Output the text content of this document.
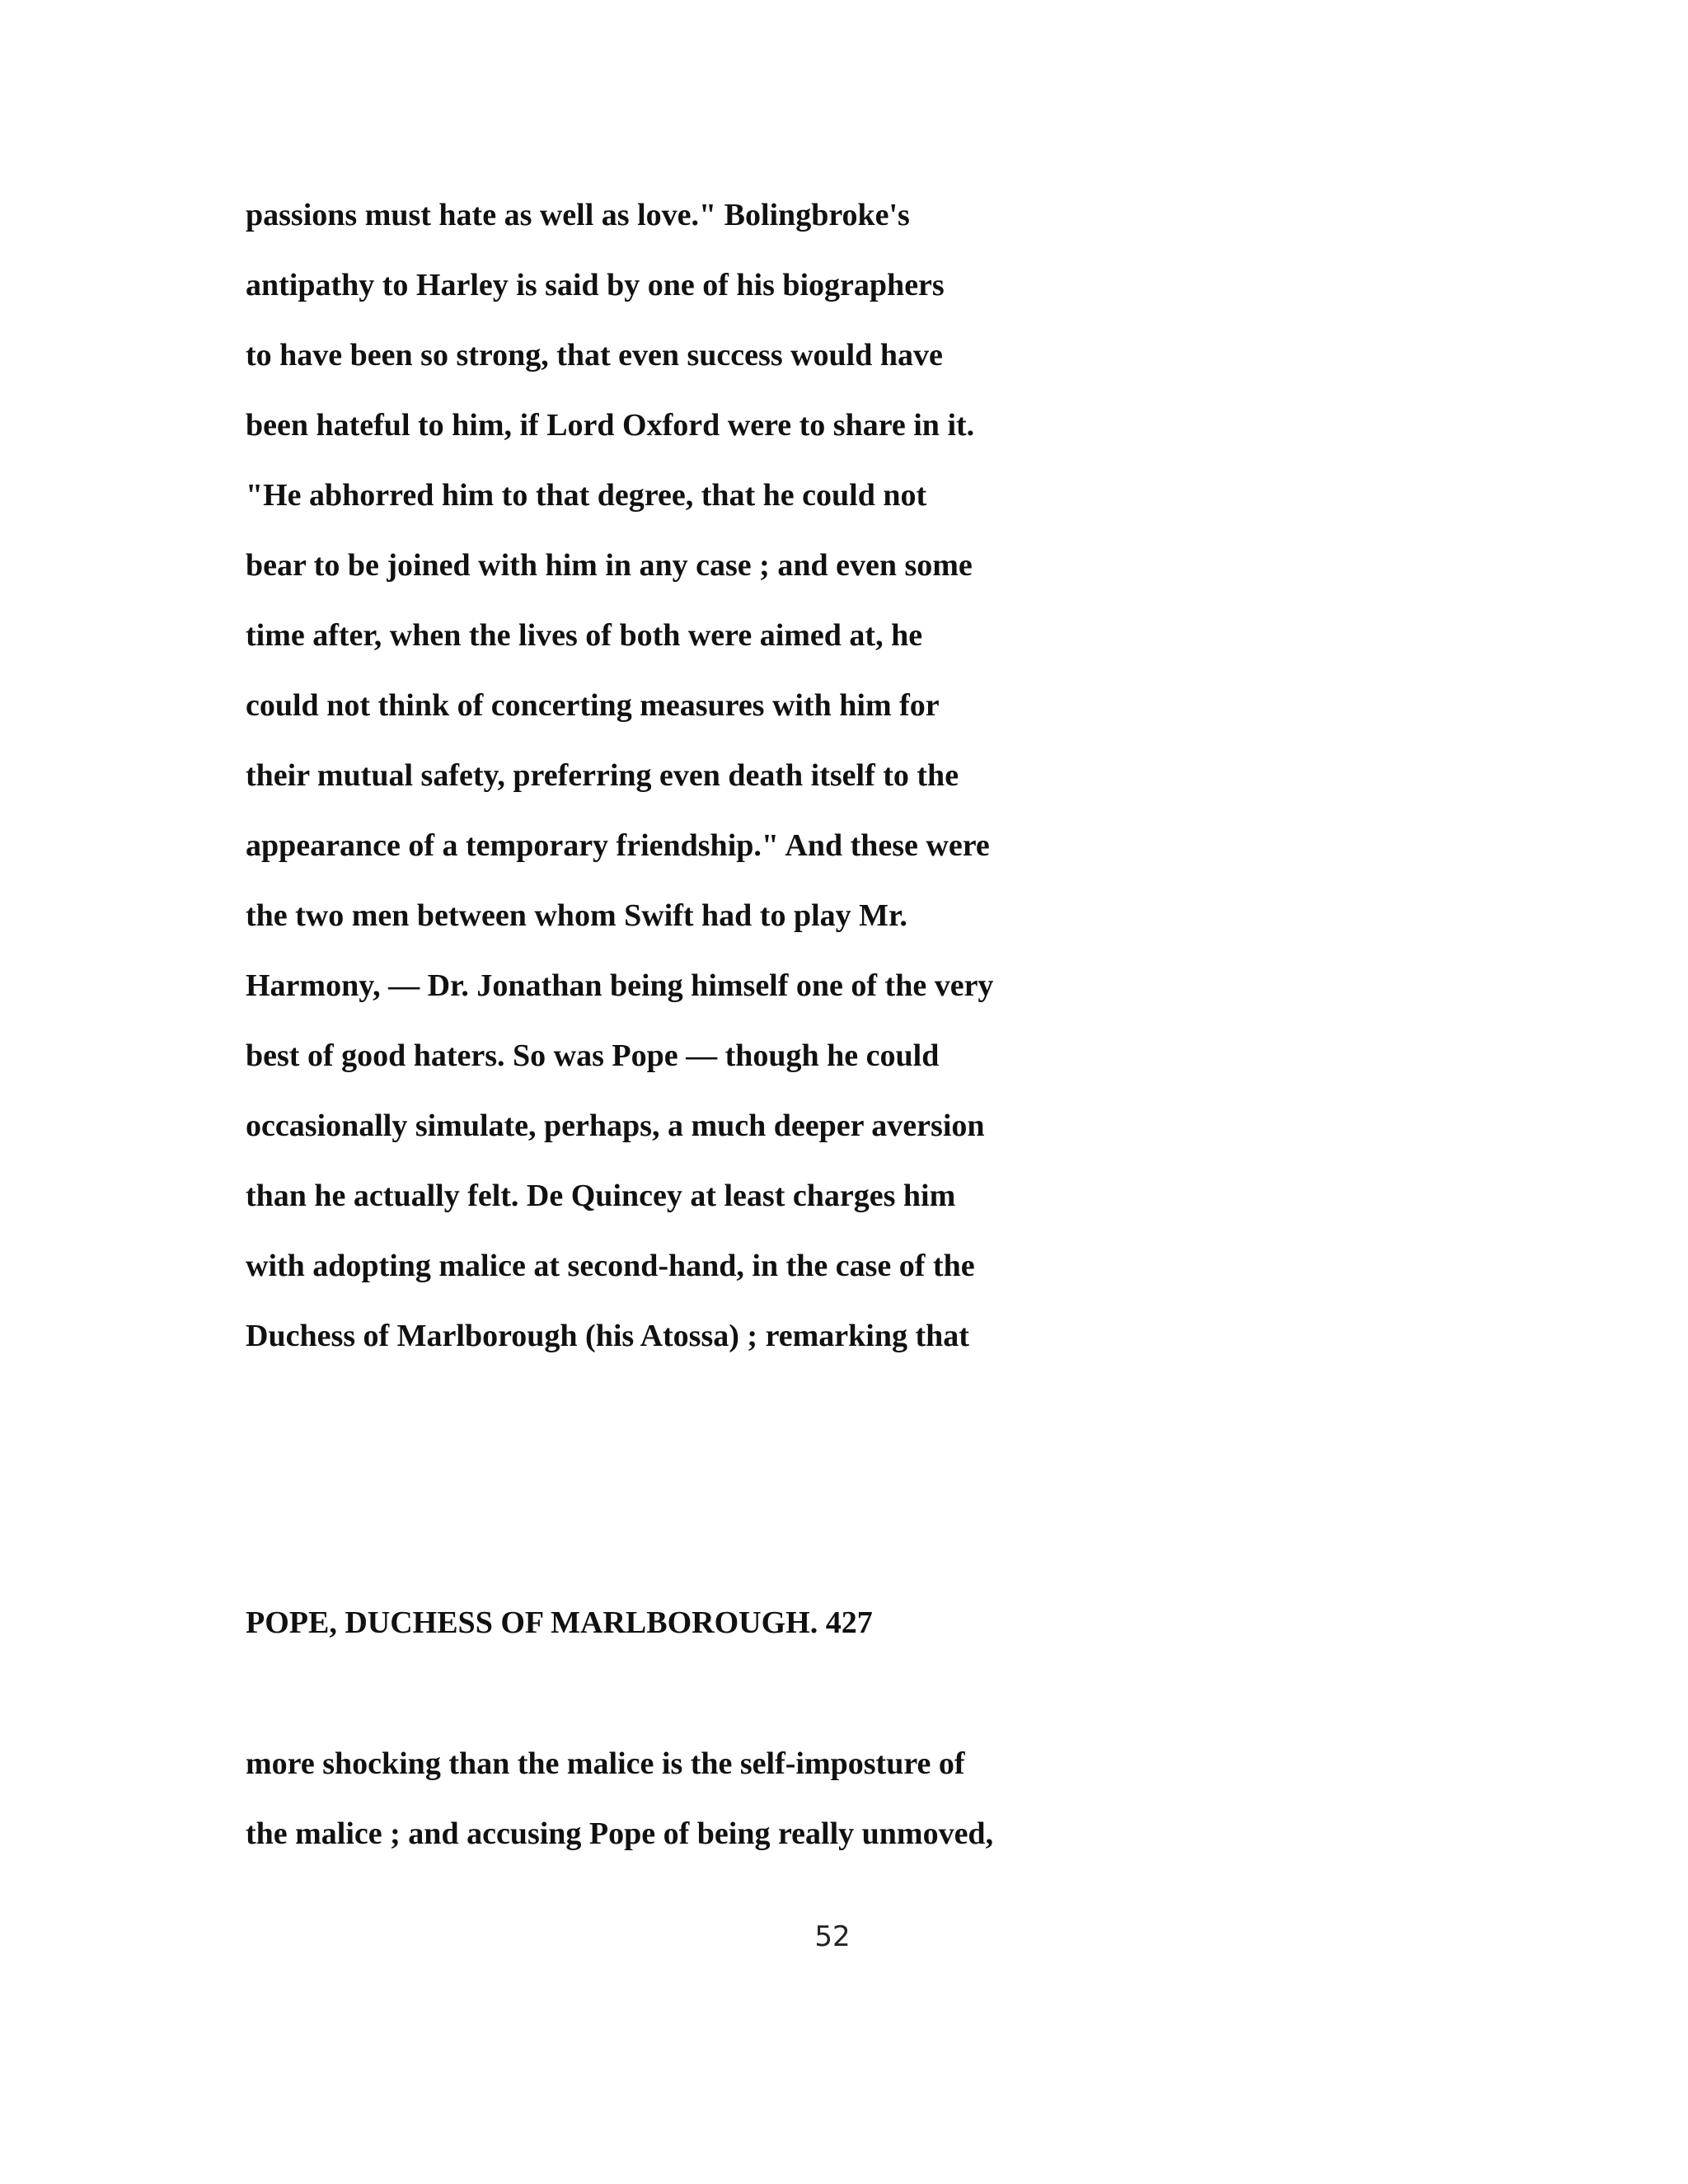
passions must hate as well as love." Bolingbroke's
antipathy to Harley is said by one of his biographers
to have been so strong, that even success would have
been hateful to him, if Lord Oxford were to share in it.
"He abhorred him to that degree, that he could not
bear to be joined with him in any case ; and even some
time after, when the lives of both were aimed at, he
could not think of concerting measures with him for
their mutual safety, preferring even death itself to the
appearance of a temporary friendship." And these were
the two men between whom Swift had to play Mr.
Harmony, — Dr. Jonathan being himself one of the very
best of good haters. So was Pope — though he could
occasionally simulate, perhaps, a much deeper aversion
than he actually felt. De Quincey at least charges him
with adopting malice at second-hand, in the case of the
Duchess of Marlborough (his Atossa) ; remarking that
POPE, DUCHESS OF MARLBOROUGH. 427
more shocking than the malice is the self-imposture of
the malice ; and accusing Pope of being really unmoved,
52
